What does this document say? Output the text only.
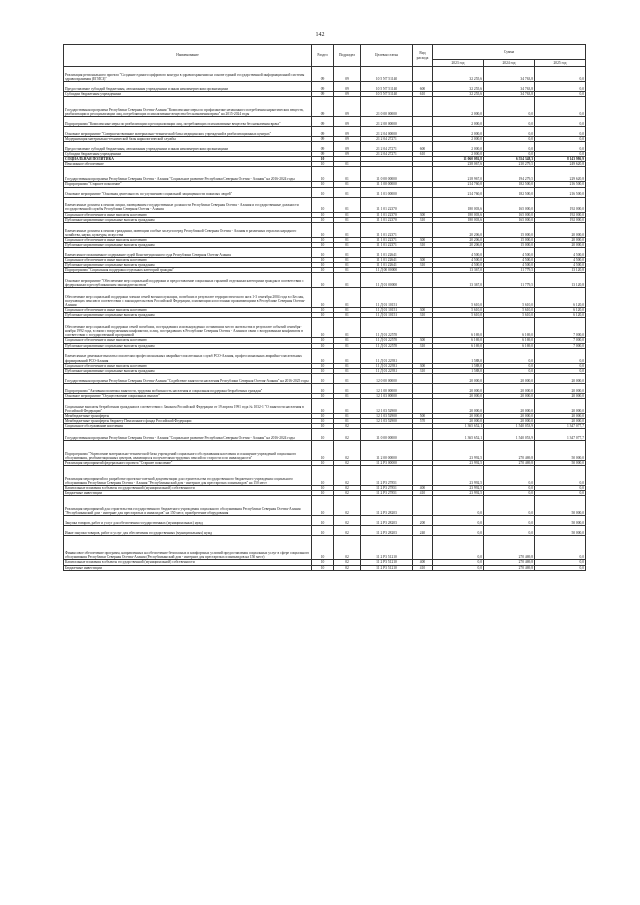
142
Наименование	Раздел	Подраздел	Целевая статья	Вид расхода	Сумма		
					2023 год	2024 год	2025 год
Реализация регионального проекта "Создание единого цифрового контура в здравоохранении на основе единой государственной информационной системы здравоохранения (ЕГИСЗ)"	09	09	10 5 N7 51140		32 255,6	34 763,8	0,0
Предоставление субсидий бюджетным, автономным учреждениям и иным некоммерческим организациям	09	09	10 5 N7 51140	600	32 255,6	34 763,8	0,0
Субсидии бюджетным учреждениям	09	09	10 5 N7 51140	610	32 255,6	34 763,8	0,0
Государственная программа Республики Северная Осетия-Алания "Комплексные меры по профилактике незаконного потребления наркотических веществ, реабилитации и ресоциализации лиц, потребляющих психоактивные вещества без назначения врача" на 2015-2024 годы	09	09	21 0 00 00000		2 000,0	0,0	0,0
Подпрограмма "Комплексные меры по реабилитации и ресоциализации лиц, потребляющих психоактивные вещества без назначения врача"	09	09	21 2 00 00000		2 000,0	0,0	0,0
Основное мероприятие "Совершенствование материально-технической базы медицинских учреждений в реабилитационных центрах"	09	09	21 2 04 00000		2 000,0	0,0	0,0
Модернизация материально-технической базы наркологической службы	09	09	21 2 04 27271		2 000,0	0,0	0,0
Предоставление субсидий бюджетным, автономным учреждениям и иным некоммерческим организациям	09	09	21 2 04 27271	600	2 000,0	0,0	0,0
Субсидии бюджетным учреждениям	09	09	21 2 04 27271	610	2 000,0	0,0	0,0
СОЦИАЛЬНАЯ ПОЛИТИКА	10				11 060 092,8	6 554 348,3	8 143 986,9
Пенсионное обеспечение	10	01			238 067,6	210 279,5	249 620,8
Государственная программа Республики Северная Осетия - Алания "Социальное развитие Республики Северная Осетия - Алания" на 2016-2024 годы	10	01	11 0 00 00000		218 967,0	194 279,5	229 620,8
Подпрограмма "Старшее поколение"	10	01	11 1 00 00000		214 760,0	182 500,0	216 500,0
Основное мероприятие "Основная деятельность по улучшению социальной защищенности пожилых людей"	10	01	11 1 01 00000		214 760,0	182 500,0	216 500,0
Ежемесячные доплаты к пенсии лицам, замещавшим государственные должности Республики Северная Осетия - Алания и государственные должности государственной службы Республики Северная Осетия - Алания	10	01	11 1 01 22370		180 003,6	165 000,0	192 000,0
Социальное обеспечение и иные выплаты населению	10	01	11 1 01 22370	300	180 003,6	165 000,0	192 000,0
Публичные нормативные социальные выплаты гражданам	10	01	11 1 01 22370	310	180 003,6	165 000,0	192 000,0
Ежемесячные доплаты к пенсии гражданам, имеющим особые заслуги перед Республикой Северная Осетия - Алания в различных отраслях народного хозяйства, науки, культуры, искусства	10	01	11 1 01 22371		20 206,0	15 000,0	20 000,0
Социальное обеспечение и иные выплаты населению	10	01	11 1 01 22371	300	20 206,0	15 000,0	20 000,0
Публичные нормативные социальные выплаты гражданам	10	01	11 1 01 22371	310	20 206,0	15 000,0	20 000,0
Ежемесячное пожизненное содержание судей Конституционного суда Республики Северная Осетия-Алания	10	01	11 1 01 22641		4 500,0	4 500,0	4 500,0
Социальное обеспечение и иные выплаты населению	10	01	11 1 01 22641	300	4 500,0	4 500,0	4 500,0
Публичные нормативные социальные выплаты гражданам	10	01	11 1 01 22641	310	4 500,0	4 500,0	4 500,0
Подпрограмма "Социальная поддержка отдельных категорий граждан"	10	01	11 Д 00 00000		13 367,0	11 779,5	13 120,8
Основное мероприятие "Обеспечение мер социальной поддержки и предоставление социальных гарантий отдельным категориям граждан в соответствии с федеральным и республиканским законодательством"	10	01	11 Д 01 00000		13 367,0	11 779,5	13 120,8
Обеспечение мер социальной поддержки членам семей военнослужащих, погибших в результате террористического акта 1-3 сентября 2004 года в г.Беслан, получающих пенсию в соответствии с законодательством Российской Федерации, и являющихся постоянно проживающими в Республике Северная Осетия-Алания	10	01	11 Д 01 10151		5 610,0	5 610,0	6 120,0
Социальное обеспечение и иные выплаты населению	10	01	11 Д 01 10151	300	5 610,0	5 610,0	6 120,0
Публичные нормативные социальные выплаты гражданам	10	01	11 Д 01 10151	310	5 610,0	5 610,0	6 120,0
Обеспечение мер социальной поддержки семей погибших, пострадавших или вынужденно оставивших место жительства в результате событий сентября-ноября 1992 года, в связи с вооруженным конфликтом, и лиц, пострадавших в Республике Северная Осетия - Алания в связи с вооруженным конфликтом в соответствии с государственной программой	10	01	11 Д 01 22570		6 169,0	6 169,0	7 000,0
Социальное обеспечение и иные выплаты населению	10	01	11 Д 01 22570	300	6 169,0	6 169,0	7 000,0
Публичные нормативные социальные выплаты гражданам	10	01	11 Д 01 22570	310	6 169,0	6 169,0	7 000,0
Ежемесячные денежные выплаты спасателям профессиональных аварийно-спасательных служб РСО-Алания, профессиональных аварийно-спасательных формирований РСО-Алания	10	01	11 Д 01 22931		1 588,0	0,0	0,0
Социальное обеспечение и иные выплаты населению	10	01	11 Д 01 22931	300	1 588,0	0,0	0,0
Публичные нормативные социальные выплаты гражданам	10	01	11 Д 01 22931	310	1 588,0	0,0	0,0
Государственная программа Республики Северная Осетия-Алания "Содействие занятости населения Республики Северная Осетия-Алания" на 2016-2025 годы	10	01	12 0 00 00000		20 000,0	20 000,0	20 000,0
Подпрограмма "Активная политика занятости, трудовая мобильность населения и социальная поддержка безработных граждан"	10	01	12 1 00 00000		20 000,0	20 000,0	20 000,0
Основное мероприятие "Осуществление социальных выплат"	10	01	12 1 03 00000		20 000,0	20 000,0	20 000,0
Социальные выплаты безработным гражданам в соответствии с Законом Российской Федерации от 19 апреля 1991 года № 1032-1 "О занятости населения в Российской Федерации"	10	01	12 1 03 52900		20 000,0	20 000,0	20 000,0
Межбюджетные трансферты	10	01	12 1 03 52900	500	20 000,0	20 000,0	20 000,0
Межбюджетные трансферты бюджету Пенсионного фонда Российской Федерации	10	01	12 1 03 52900	570	20 000,0	20 000,0	20 000,0
Социальное обслуживание населения	10	02			1 365 652,1	1 540 053,9	1 347 077,7
Государственная программа Республики Северная Осетия - Алания "Социальное развитие Республики Северная Осетия - Алания" на 2016-2024 годы	10	02	11 0 00 00000		1 365 652,1	1 540 053,9	1 347 077,7
Подпрограмма "Укрепление материально-технической базы учреждений социального обслуживания населения и оснащение учреждений социального обслуживания, реабилитационных центров, являющихся получателями трудовых пенсий по старости и по инвалидности"	10	02	11 2 00 00000		23 992,5	270 469,8	50 000,0
Реализация мероприятий федерального проекта "Старшее поколение"	10	02	11 2 P3 00000		23 992,5	270 469,8	50 000,0
Реализация мероприятий по разработке проектно-сметной документации для строительства государственного бюджетного учреждения социального обслуживания Республики Северная Осетия - Алания "Республиканский дом - интернат для престарелых и инвалидов" на 150 мест	10	02	11 2 P3 27851		23 992,5	0,0	0,0
Капитальные вложения в объекты государственной (муниципальной) собственности	10	02	11 2 P3 27851	400	23 992,5	0,0	0,0
Бюджетные инвестиции	10	02	11 2 P3 27851	410	23 992,5	0,0	0,0
Реализация мероприятий для строительства государственного бюджетного учреждения социального обслуживания Республики Северная Осетия-Алания "Республиканский дом - интернат для престарелых и инвалидов" на 150 мест, приобретение оборудования	10	02	11 2 P3 28203		0,0	0,0	50 000,0
Закупка товаров, работ и услуг для обеспечения государственных (муниципальных) нужд	10	02	11 2 P3 28203	200	0,0	0,0	50 000,0
Иные закупки товаров, работ и услуг для обеспечения государственных (муниципальных) нужд	10	02	11 2 P3 28203	240	0,0	0,0	50 000,0
Финансовое обеспечение программ, направленных на обеспечение безопасных и комфортных условий предоставления социальных услуг в сфере социального обслуживания Республики Северная Осетия-Алания (Республиканский дом - интернат для престарелых и инвалидов на 150 мест)	10	02	11 2 P3 51210		0,0	270 469,8	0,0
Капитальные вложения в объекты государственной (муниципальной) собственности	10	02	11 2 P3 51210	400	0,0	270 469,8	0,0
Бюджетные инвестиции	10	02	11 2 P3 51210	410	0,0	270 469,8	0,0
